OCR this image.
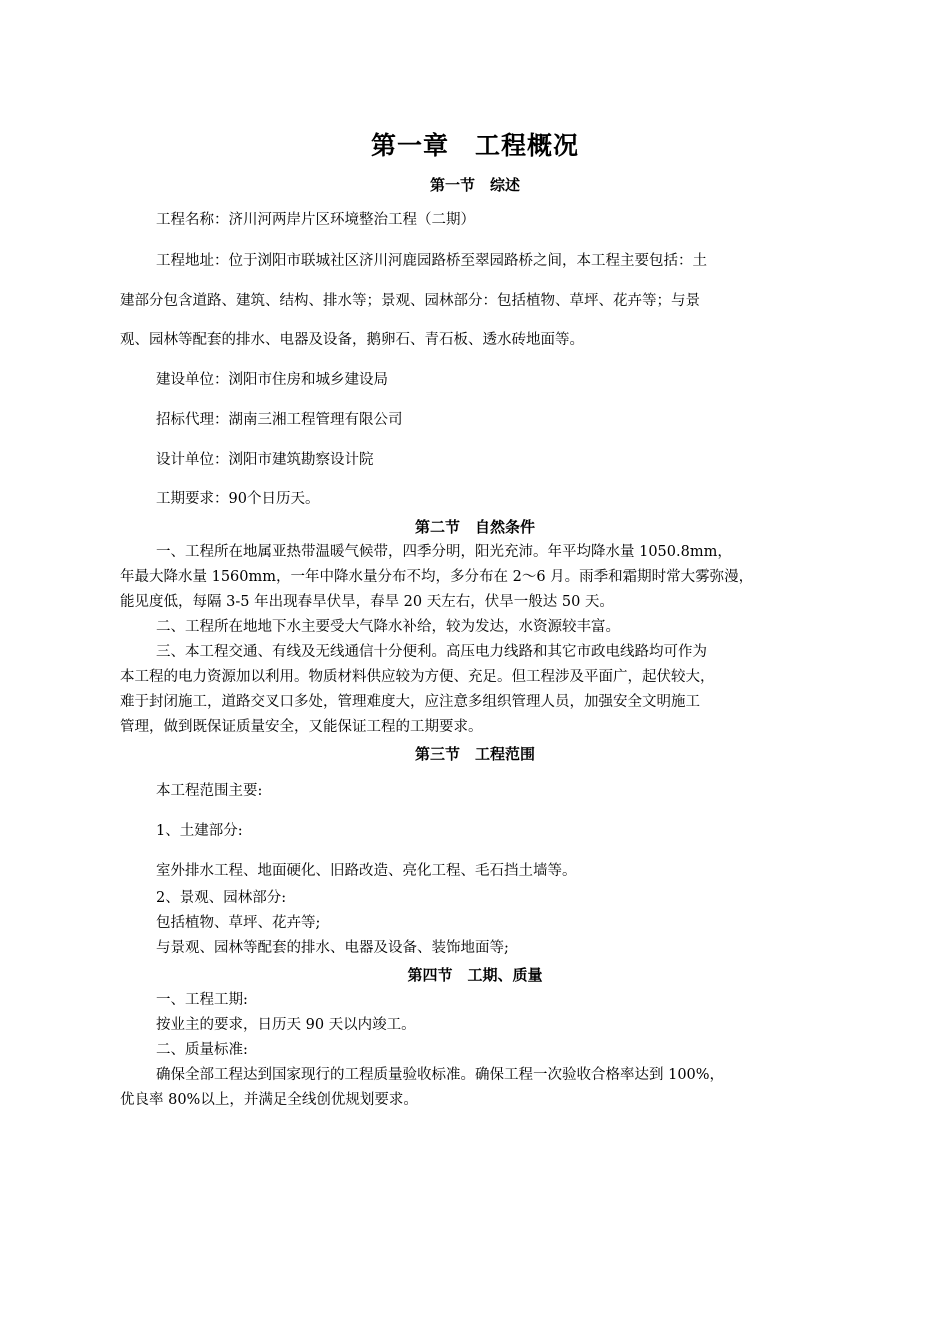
第一章　工程概况
第一节　综述

工程名称：济川河两岸片区环境整治工程（二期）

工程地址：位于浏阳市联城社区济川河鹿园路桥至翠园路桥之间，本工程主要包括：土

建部分包含道路、建筑、结构、排水等；景观、园林部分：包括植物、草坪、花卉等；与景

观、园林等配套的排水、电器及设备，鹅卵石、青石板、透水砖地面等。

建设单位：浏阳市住房和城乡建设局

招标代理：湖南三湘工程管理有限公司

设计单位：浏阳市建筑勘察设计院

工期要求：90个日历天。

第二节　自然条件

一、工程所在地属亚热带温暖气候带，四季分明，阳光充沛。年平均降水量 1050.8mm，

年最大降水量 1560mm，一年中降水量分布不均，多分布在 2～6 月。雨季和霜期时常大雾弥漫，

能见度低，每隔 3-5 年出现春旱伏旱，春旱 20 天左右，伏旱一般达 50 天。

二、工程所在地地下水主要受大气降水补给，较为发达，水资源较丰富。

三、本工程交通、有线及无线通信十分便利。高压电力线路和其它市政电线路均可作为

本工程的电力资源加以利用。物质材料供应较为方便、充足。但工程涉及平面广，起伏较大，

难于封闭施工，道路交叉口多处，管理难度大，应注意多组织管理人员，加强安全文明施工

管理，做到既保证质量安全，又能保证工程的工期要求。

第三节　工程范围

本工程范围主要:

1、土建部分:

室外排水工程、地面硬化、旧路改造、亮化工程、毛石挡土墙等。

2、景观、园林部分:

包括植物、草坪、花卉等;

与景观、园林等配套的排水、电器及设备、装饰地面等;

第四节　工期、质量

一、工程工期:

按业主的要求，日历天 90 天以内竣工。

二、质量标准:

确保全部工程达到国家现行的工程质量验收标准。确保工程一次验收合格率达到 100%，

优良率 80%以上，并满足全线创优规划要求。
